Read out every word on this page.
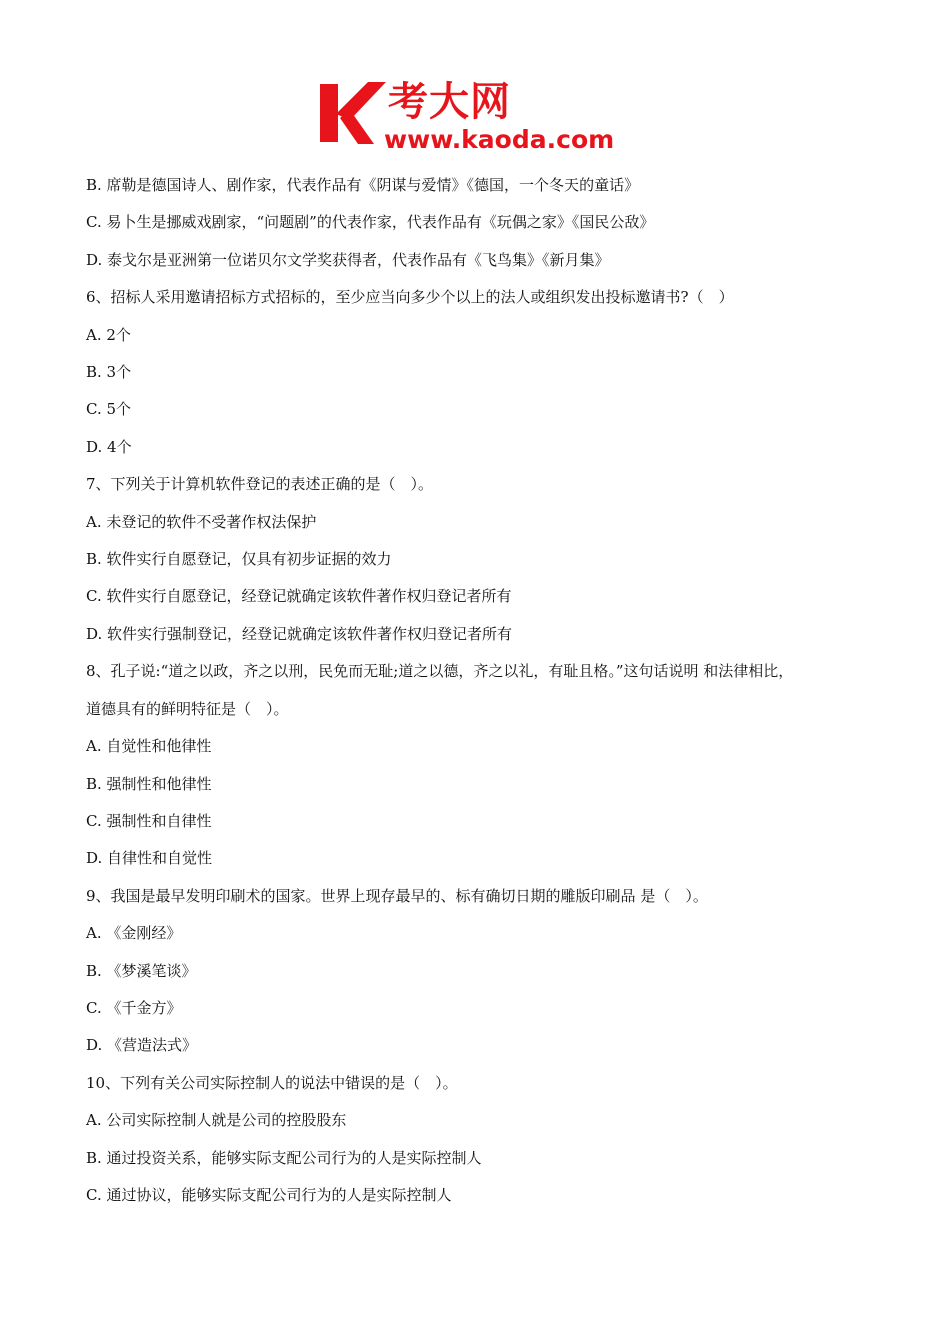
考大网
www.kaoda.com
B. 席勒是德国诗人、剧作家，代表作品有《阴谋与爱情》《德国，一个冬天的童话》
C. 易卜生是挪威戏剧家，“问题剧”的代表作家，代表作品有《玩偶之家》《国民公敌》
D. 泰戈尔是亚洲第一位诺贝尔文学奖获得者，代表作品有《飞鸟集》《新月集》
6、招标人采用邀请招标方式招标的，至少应当向多少个以上的法人或组织发出投标邀请书?（　）
A. 2个
B. 3个
C. 5个
D. 4个
7、下列关于计算机软件登记的表述正确的是（　）。
A. 未登记的软件不受著作权法保护
B. 软件实行自愿登记，仅具有初步证据的效力
C. 软件实行自愿登记，经登记就确定该软件著作权归登记者所有
D. 软件实行强制登记，经登记就确定该软件著作权归登记者所有
8、孔子说:“道之以政，齐之以刑，民免而无耻;道之以德，齐之以礼，有耻且格。”这句话说明 和法律相比，
道德具有的鲜明特征是（　）。
A. 自觉性和他律性
B. 强制性和他律性
C. 强制性和自律性
D. 自律性和自觉性
9、我国是最早发明印刷术的国家。世界上现存最早的、标有确切日期的雕版印刷品 是（　）。
A. 《金刚经》
B. 《梦溪笔谈》
C. 《千金方》
D. 《营造法式》
10、下列有关公司实际控制人的说法中错误的是（　）。
A. 公司实际控制人就是公司的控股股东
B. 通过投资关系，能够实际支配公司行为的人是实际控制人
C. 通过协议，能够实际支配公司行为的人是实际控制人
